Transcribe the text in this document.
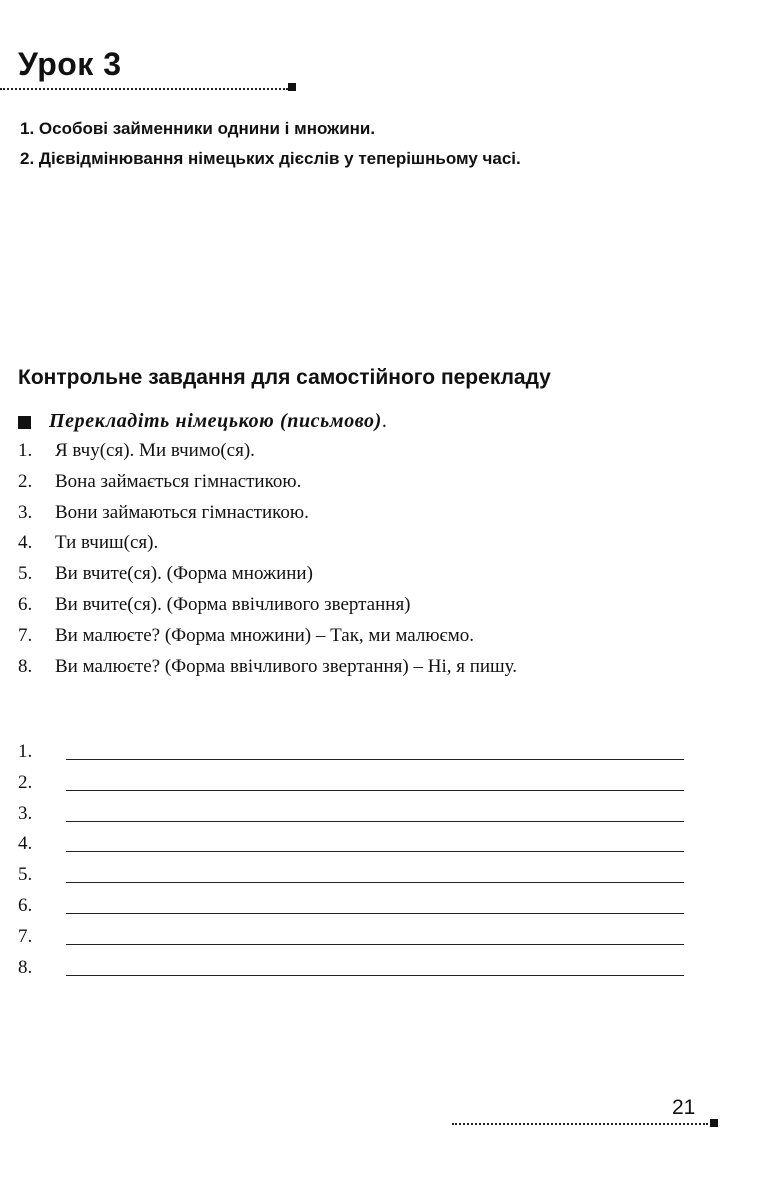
Урок 3
1. Особові займенники однини і множини.
2. Дієвідмінювання німецьких дієслів у теперішньому часі.
Контрольне завдання для самостійного перекладу
Перекладіть німецькою (письмово) .
1. Я вчу(ся). Ми вчимо(ся).
2. Вона займається гімнастикою.
3. Вони займаються гімнастикою.
4. Ти вчиш(ся).
5. Ви вчите(ся). (Форма множини)
6. Ви вчите(ся). (Форма ввічливого звертання)
7. Ви малюєте? (Форма множини) – Так, ми малюємо.
8. Ви малюєте? (Форма ввічливого звертання) – Ні, я пишу.
1.
2.
3.
4.
5.
6.
7.
8.
21
